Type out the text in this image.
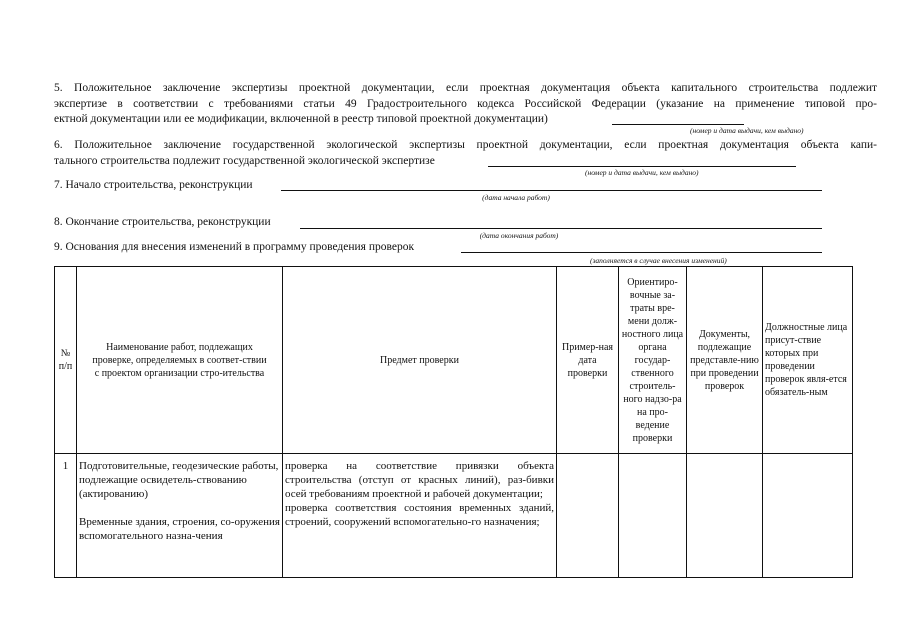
5. Положительное заключение экспертизы проектной документации, если проектная документация объекта капитального строительства подлежит
экспертизе в соответствии с требованиями статьи 49 Градостроительного кодекса Российской Федерации (указание на применение типовой про-
ектной документации или ее модификации, включенной в реестр типовой проектной документации)
(номер и дата выдачи, кем выдано)
6. Положительное заключение государственной экологической экспертизы проектной документации, если проектная документация объекта капи-
тального строительства подлежит государственной экологической экспертизе
(номер и дата выдачи, кем выдано)
7. Начало строительства, реконструкции
(дата начала работ)
8. Окончание строительства, реконструкции
(дата окончания работ)
9. Основания для внесения изменений в программу проведения проверок
(заполняется в случае внесения изменений)
№ п/п	Наименование работ, подлежащих проверке, определяемых в соответ-ствии с проектом организации стро-ительства	Предмет проверки	Пример-ная дата проверки	Ориентиро-вочные за-траты вре-мени долж-ностного лица органа государ-ственного строитель-ного надзо-ра на про-ведение проверки	Документы, подлежащие представле-нию при проведении проверок	Должностные лица присут-ствие которых при проведении проверок явля-ется обязатель-ным
1	Подготовительные, геодезические работы, подлежащие освидетель-ствованию (актированию)
Временные здания, строения, со-оружения вспомогательного назна-чения	проверка на соответствие привязки объекта строительства (отступ от красных линий), раз-бивки осей требованиям проектной и рабочей документации;
проверка соответствия состояния временных зданий, строений, сооружений вспомогательно-го назначения;				
